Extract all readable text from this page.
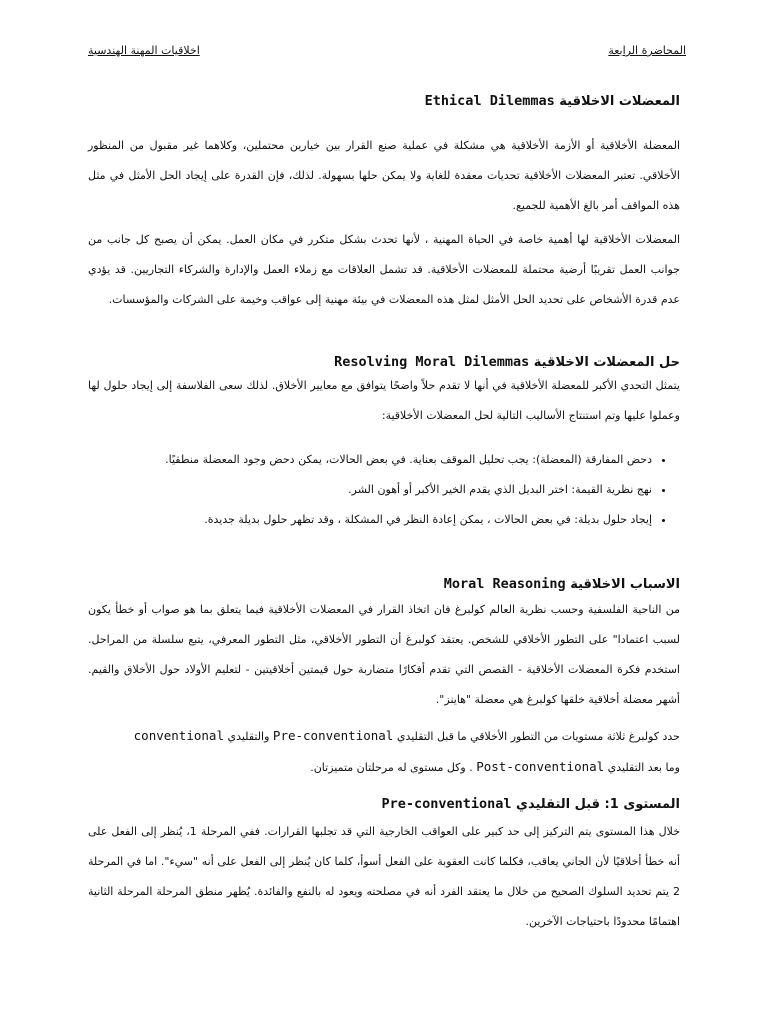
المحاضرة الرابعة
اخلاقيات المهنة الهندسية
المعضلات الاخلاقية Ethical Dilemmas

المعضلة الأخلاقية أو الأزمة الأخلاقية هي مشكلة في عملية صنع القرار بين خيارين محتملين، وكلاهما غير مقبول من المنظور الأخلاقي. تعتبر المعضلات الأخلاقية تحديات معقدة للغاية ولا يمكن حلها بسهولة. لذلك، فإن القدرة على إيجاد الحل الأمثل في مثل هذه المواقف أمر بالغ الأهمية للجميع.

المعضلات الأخلاقية لها أهمية خاصة في الحياة المهنية ، لأنها تحدث بشكل متكرر في مكان العمل. يمكن أن يصبح كل جانب من جوانب العمل تقريبًا أرضية محتملة للمعضلات الأخلاقية. قد تشمل العلاقات مع زملاء العمل والإدارة والشركاء التجاريين. قد يؤدي عدم قدرة الأشخاص على تحديد الحل الأمثل لمثل هذه المعضلات في بيئة مهنية إلى عواقب وخيمة على الشركات والمؤسسات.

حل المعضلات الاخلاقية Resolving Moral Dilemmas

يتمثل التحدي الأكبر للمعضلة الأخلاقية في أنها لا تقدم حلاً واضحًا يتوافق مع معايير الأخلاق. لذلك سعى الفلاسفة إلى إيجاد حلول لها وعملوا عليها وتم استنتاج الأساليب التالية لحل المعضلات الأخلاقية:

• دحض المفارقة (المعضلة): يجب تحليل الموقف بعناية. في بعض الحالات، يمكن دحض وجود المعضلة منطقيًا.
• نهج نظرية القيمة: اختر البديل الذي يقدم الخير الأكبر أو أهون الشر.
• إيجاد حلول بديلة: في بعض الحالات ، يمكن إعادة النظر في المشكلة ، وقد تظهر حلول بديلة جديدة.
الاسباب الاخلاقية Moral Reasoning

من الناحية الفلسفية وحسب نظرية العالم كولبرغ فان اتخاذ القرار في المعضلات الأخلاقية فيما يتعلق بما هو صواب أو خطأ يكون لسبب اعتمادا" على التطور الأخلاقي للشخص. يعتقد كولبرغ أن التطور الأخلاقي، مثل التطور المعرفي، يتبع سلسلة من المراحل. استخدم فكرة المعضلات الأخلاقية - القصص التي تقدم أفكارًا متضاربة حول قيمتين أخلاقيتين - لتعليم الأولاد حول الأخلاق والقيم. أشهر معضلة أخلاقية خلقها كولبرغ هي معضلة "هاينز".

حدد كولبرغ ثلاثة مستويات من التطور الأخلاقي ما قبل التقليدي Pre-conventional والتقليدي conventional
وما بعد التقليدي Post-conventional . وكل مستوى له مرحلتان متميزتان.

المستوى 1: قبل التقليدي Pre-conventional

خلال هذا المستوى يتم التركيز إلى حد كبير على العواقب الخارجية التي قد تجلبها القرارات. ففي المرحلة 1، يُنظر إلى الفعل على أنه خطأ أخلاقيًا لأن الجاني يعاقب، فكلما كانت العقوبة على الفعل أسوأ، كلما كان يُنظر إلى الفعل على أنه "سيء". اما في المرحلة 2 يتم تحديد السلوك الصحيح من خلال ما يعتقد الفرد أنه في مصلحته ويعود له بالنفع والفائدة. يُظهر منطق المرحلة المرحلة الثانية اهتمامًا محدودًا باحتياجات الآخرين.
